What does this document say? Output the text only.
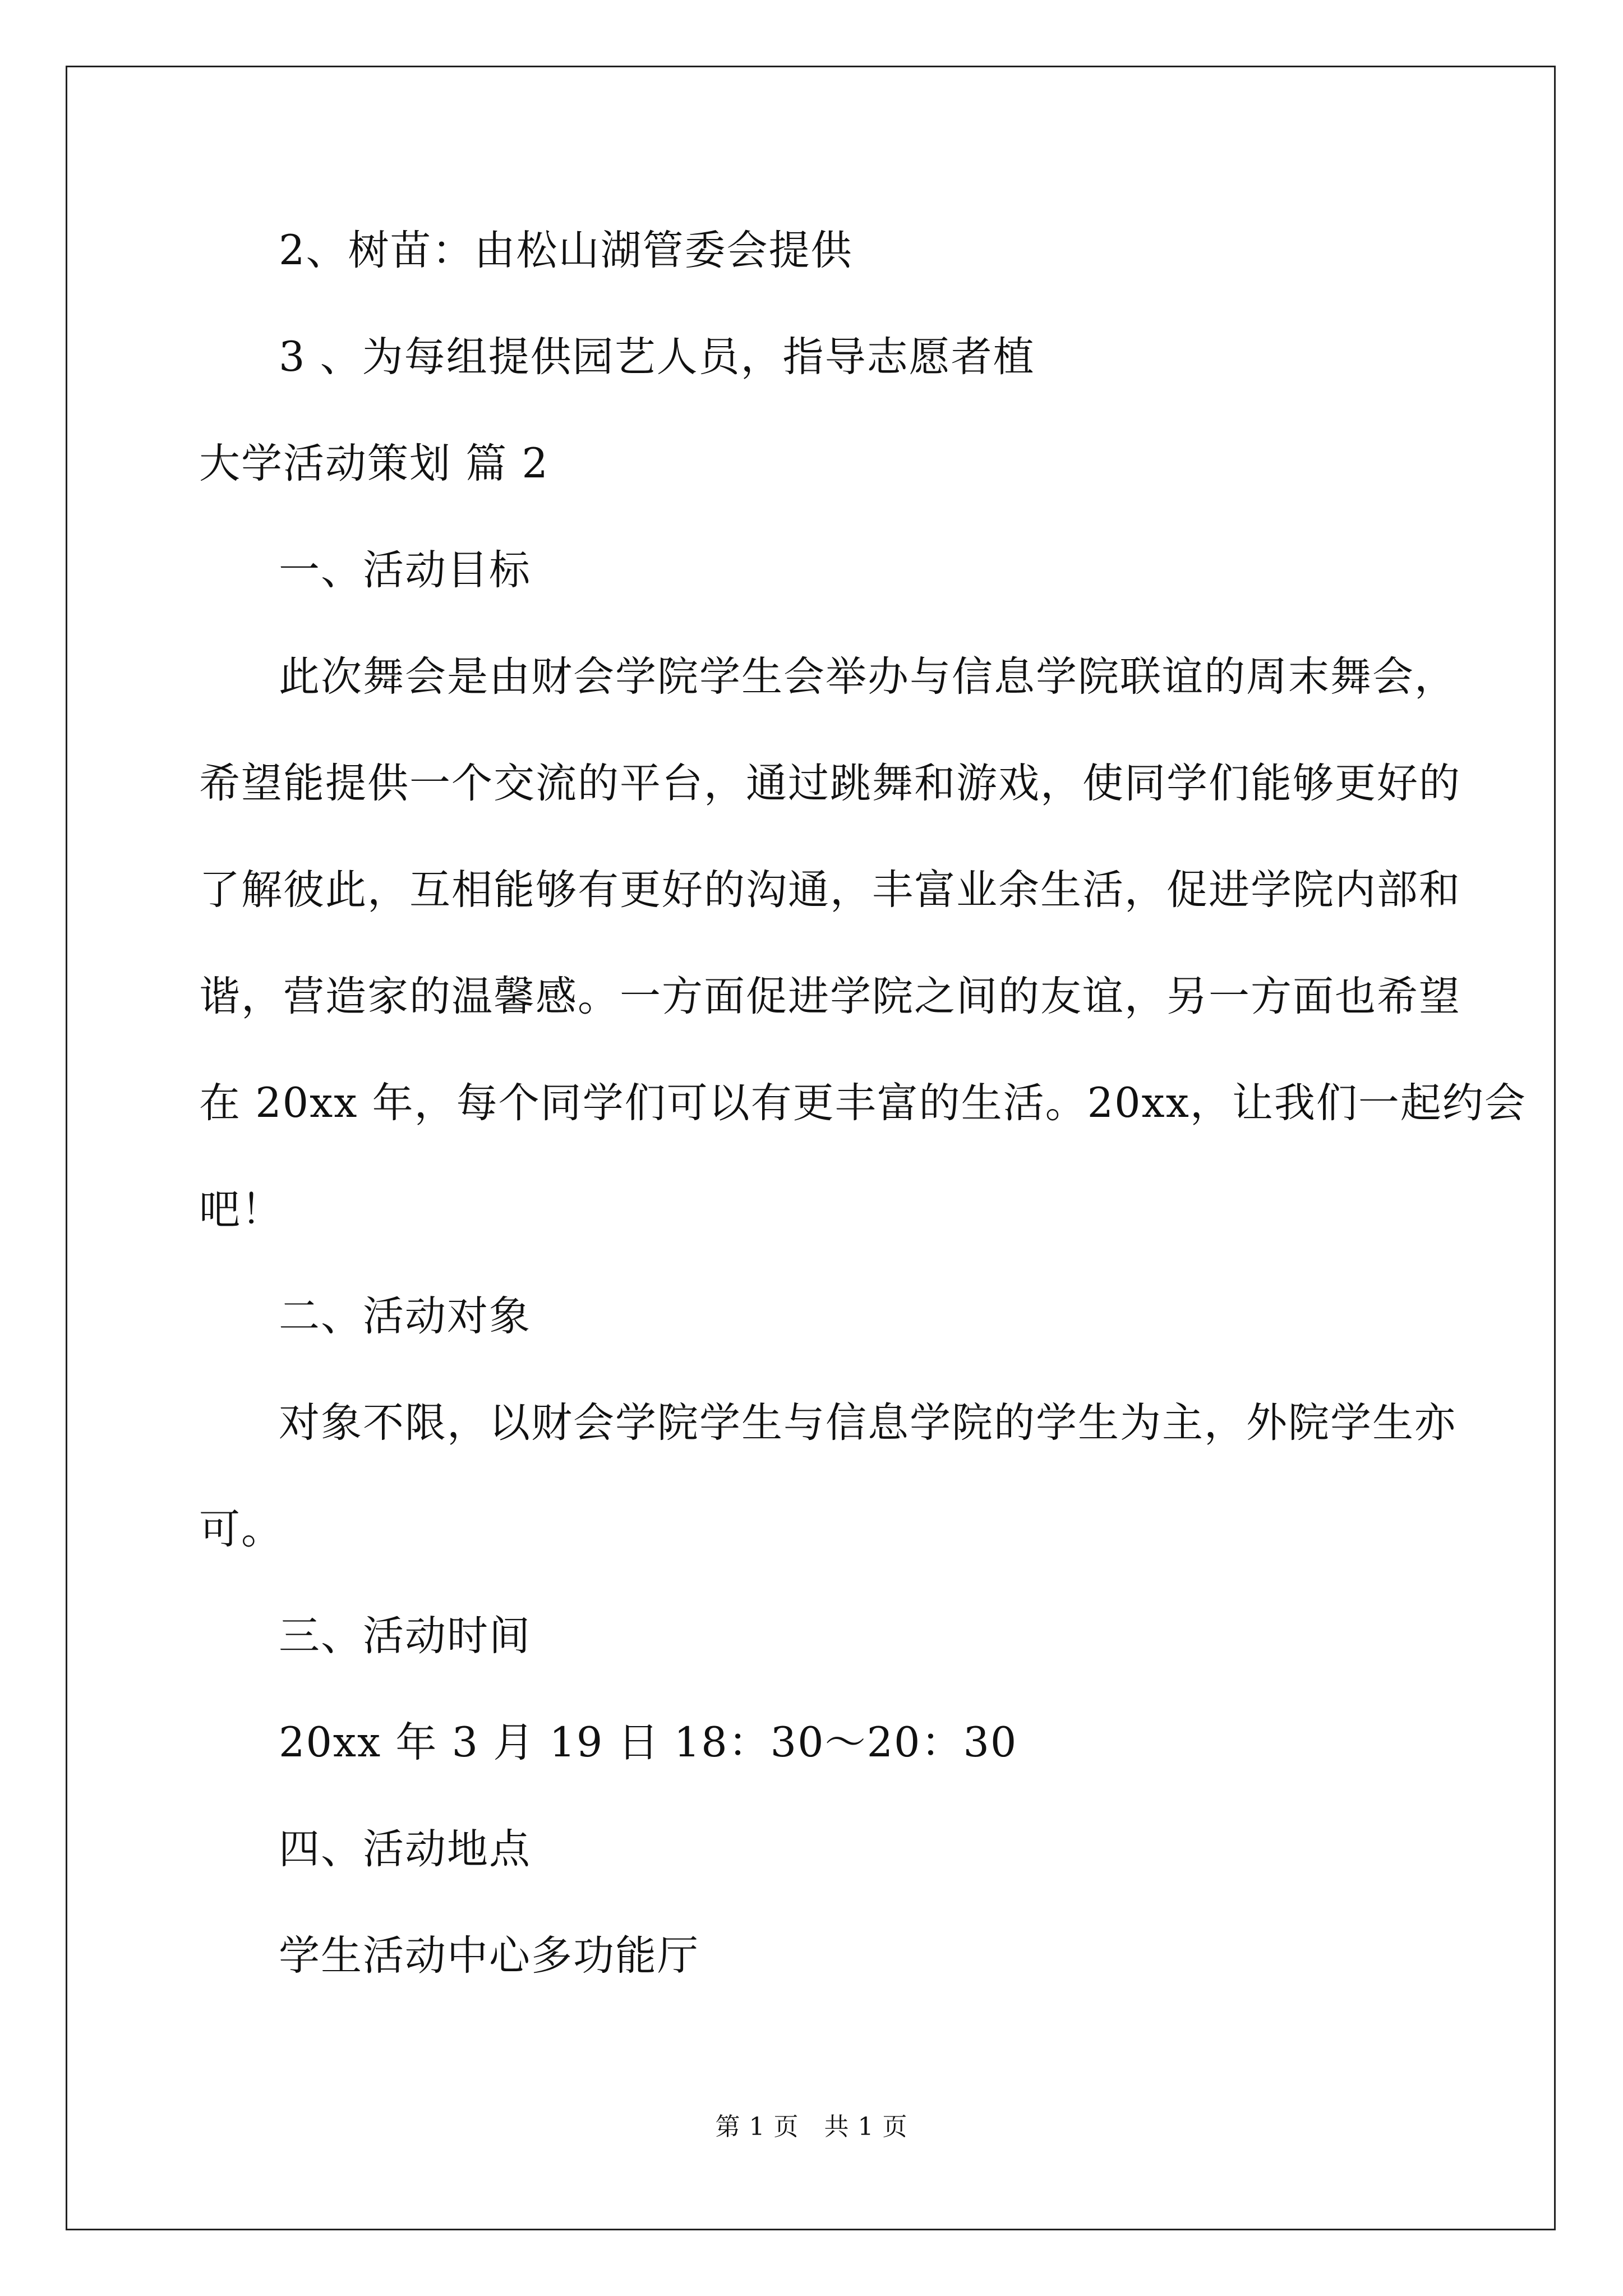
2、树苗：由松山湖管委会提供
3 、为每组提供园艺人员，指导志愿者植
大学活动策划 篇 2
一、活动目标
此次舞会是由财会学院学生会举办与信息学院联谊的周末舞会，
希望能提供一个交流的平台，通过跳舞和游戏，使同学们能够更好的
了解彼此，互相能够有更好的沟通，丰富业余生活，促进学院内部和
谐，营造家的温馨感。一方面促进学院之间的友谊，另一方面也希望
在 20xx 年，每个同学们可以有更丰富的生活。20xx，让我们一起约会
吧！
二、活动对象
对象不限，以财会学院学生与信息学院的学生为主，外院学生亦
可。
三、活动时间
20xx 年 3 月 19 日 18：30～20：30
四、活动地点
学生活动中心多功能厅
第 1 页　共 1 页
